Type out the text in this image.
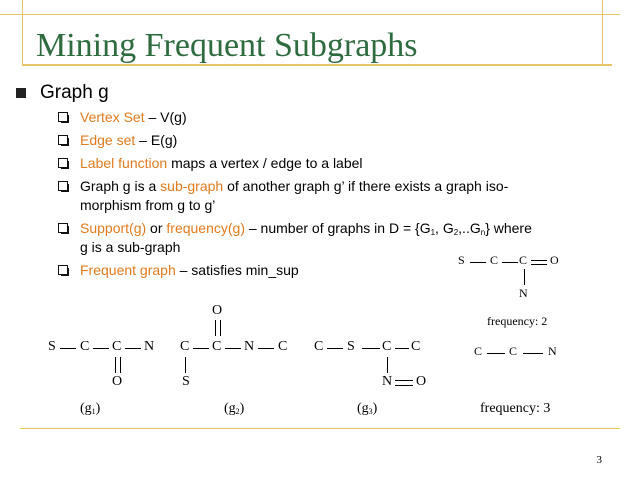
Mining Frequent Subgraphs
Graph g
Vertex Set – V(g)
Edge set – E(g)
Label function maps a vertex / edge to a label
Graph g is a sub-graph of another graph g’ if there exists a graph iso-
morphism from g to g’
Support(g) or frequency(g) – number of graphs in $D = \{G_1$, $G_2,..G_n$} where
g is a sub-graph
Frequent graph – satisfies min_sup
S C C O
N
frequency: 2
S C C N
O
$(g_1)$
O
C C N C
S
$(g_2)$
C S C C
N O
$(g_3)$
C C	N
frequency: 3
3
